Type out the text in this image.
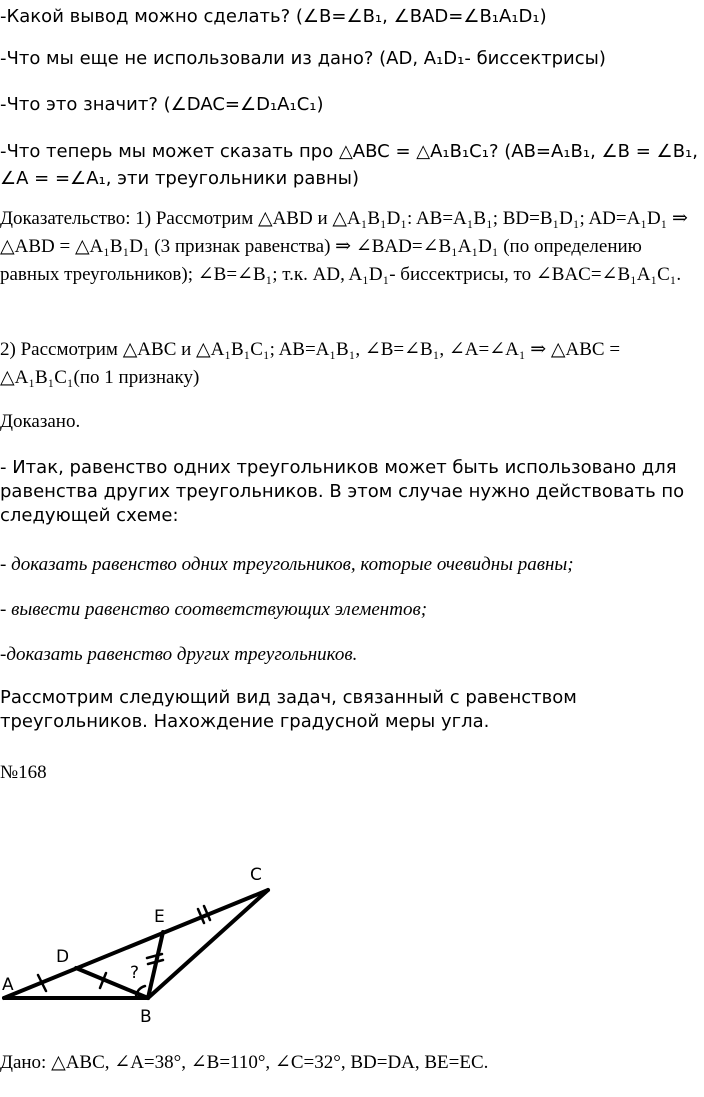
-Какой вывод можно сделать? (∠B=∠B₁, ∠BAD=∠B₁A₁D₁)

-Что мы еще не использовали из дано? (AD, A₁D₁- биссектрисы)

-Что это значит? (∠DAC=∠D₁A₁C₁)

-Что теперь мы может сказать про △ABC = △A₁B₁C₁? (AB=A₁B₁, ∠B = ∠B₁, ∠A = =∠A₁, эти треугольники равны)

Доказательство: 1) Рассмотрим △ABD и △A₁B₁D₁: AB=A₁B₁; BD=B₁D₁; AD=A₁D₁ ⇒ △ABD = △A₁B₁D₁ (3 признак равенства) ⇒ ∠BAD=∠B₁A₁D₁ (по определению равных треугольников); ∠B=∠B₁; т.к. AD, A₁D₁- биссектрисы, то ∠BAC=∠B₁A₁C₁.

2) Рассмотрим △ABC и △A₁B₁C₁; AB=A₁B₁, ∠B=∠B₁, ∠A=∠A₁ ⇒ △ABC = △A₁B₁C₁(по 1 признаку)

Доказано.

- Итак, равенство одних треугольников может быть использовано для равенства других треугольников. В этом случае нужно действовать по следующей схеме:

- доказать равенство одних треугольников, которые очевидны равны;

- вывести равенство соответствующих элементов;

-доказать равенство других треугольников.

Рассмотрим следующий вид задач, связанный с равенством треугольников. Нахождение градусной меры угла.

№168

A
B
C
D
E
?

Дано: △ABC, ∠A=38°, ∠B=110°, ∠C=32°, BD=DA, BE=EC.
